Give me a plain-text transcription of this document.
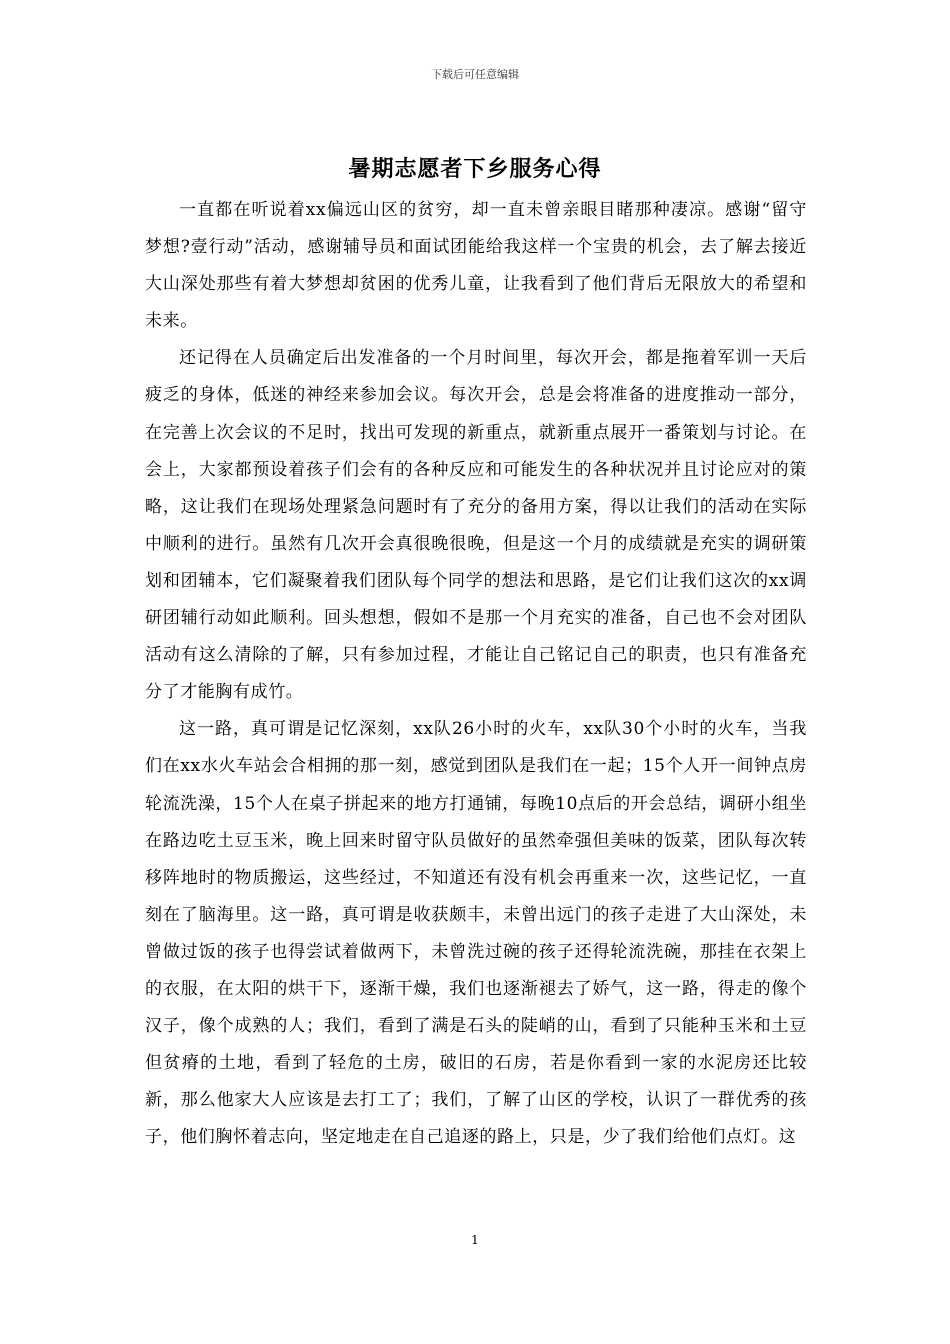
下载后可任意编辑
暑期志愿者下乡服务心得

一直都在听说着xx偏远山区的贫穷，却一直未曾亲眼目睹那种凄凉。感谢“留守梦想?壹行动”活动，感谢辅导员和面试团能给我这样一个宝贵的机会，去了解去接近大山深处那些有着大梦想却贫困的优秀儿童，让我看到了他们背后无限放大的希望和未来。

还记得在人员确定后出发准备的一个月时间里，每次开会，都是拖着军训一天后疲乏的身体，低迷的神经来参加会议。每次开会，总是会将准备的进度推动一部分，在完善上次会议的不足时，找出可发现的新重点，就新重点展开一番策划与讨论。在会上，大家都预设着孩子们会有的各种反应和可能发生的各种状况并且讨论应对的策略，这让我们在现场处理紧急问题时有了充分的备用方案，得以让我们的活动在实际中顺利的进行。虽然有几次开会真很晚很晚，但是这一个月的成绩就是充实的调研策划和团辅本，它们凝聚着我们团队每个同学的想法和思路，是它们让我们这次的xx调研团辅行动如此顺利。回头想想，假如不是那一个月充实的准备，自己也不会对团队活动有这么清除的了解，只有参加过程，才能让自己铭记自己的职责，也只有准备充分了才能胸有成竹。

这一路，真可谓是记忆深刻，xx队26小时的火车，xx队30个小时的火车，当我们在xx水火车站会合相拥的那一刻，感觉到团队是我们在一起；15个人开一间钟点房轮流洗澡，15个人在桌子拼起来的地方打通铺，每晚10点后的开会总结，调研小组坐在路边吃土豆玉米，晚上回来时留守队员做好的虽然牵强但美味的饭菜，团队每次转移阵地时的物质搬运，这些经过，不知道还有没有机会再重来一次，这些记忆，一直刻在了脑海里。这一路，真可谓是收获颇丰，未曾出远门的孩子走进了大山深处，未曾做过饭的孩子也得尝试着做两下，未曾洗过碗的孩子还得轮流洗碗，那挂在衣架上的衣服，在太阳的烘干下，逐渐干燥，我们也逐渐褪去了娇气，这一路，得走的像个汉子，像个成熟的人；我们，看到了满是石头的陡峭的山，看到了只能种玉米和土豆但贫瘠的土地，看到了轻危的土房，破旧的石房，若是你看到一家的水泥房还比较新，那么他家大人应该是去打工了；我们，了解了山区的学校，认识了一群优秀的孩子，他们胸怀着志向，坚定地走在自己追逐的路上，只是，少了我们给他们点灯。这

1
